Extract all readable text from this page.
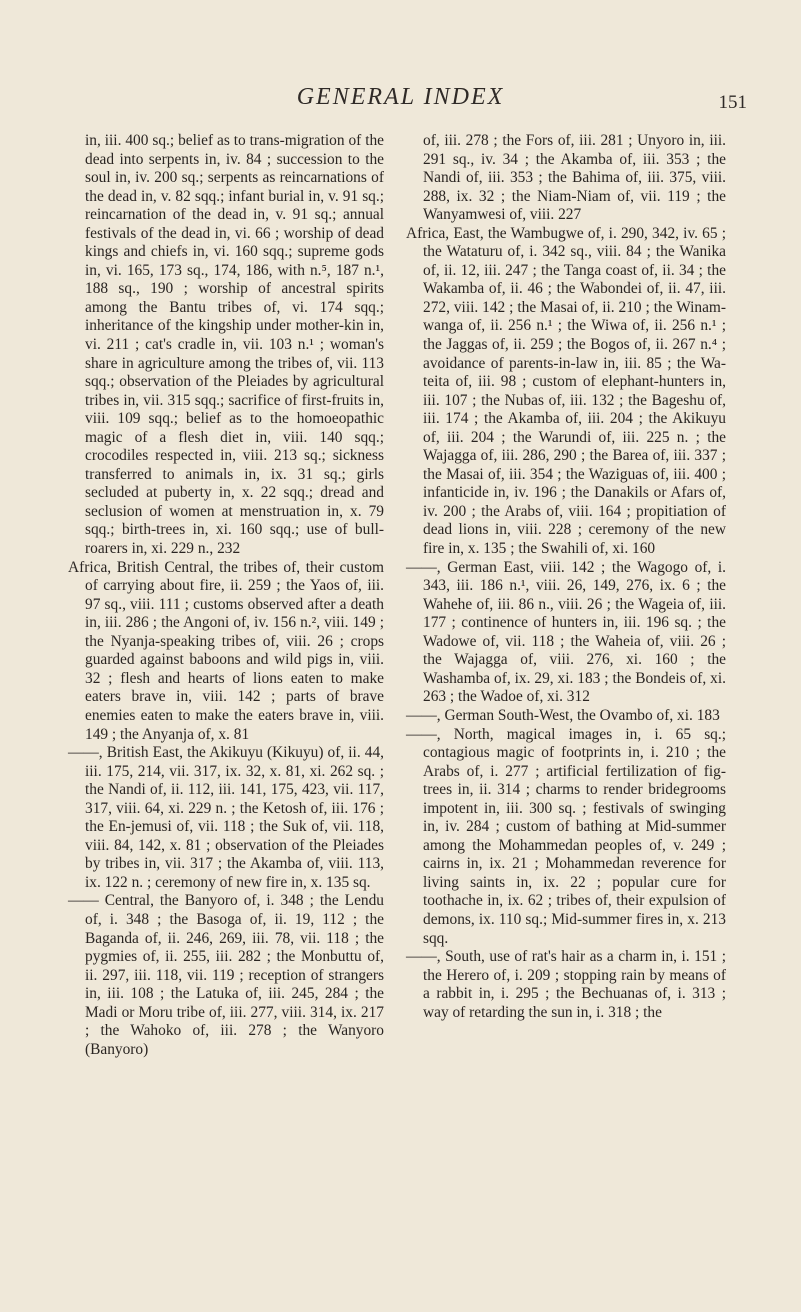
GENERAL INDEX	151

in, iii. 400 sq.; belief as to trans-migration of the dead into serpents in, iv. 84 ; succession to the soul in, iv. 200 sq.; serpents as reincarnations of the dead in, v. 82 sqq.; infant burial in, v. 91 sq.; reincarnation of the dead in, v. 91 sq.; annual festivals of the dead in, vi. 66 ; worship of dead kings and chiefs in, vi. 160 sqq.; supreme gods in, vi. 165, 173 sq., 174, 186, with n.⁵, 187 n.¹, 188 sq., 190 ; worship of ancestral spirits among the Bantu tribes of, vi. 174 sqq.; inheritance of the kingship under mother-kin in, vi. 211 ; cat's cradle in, vii. 103 n.¹ ; woman's share in agriculture among the tribes of, vii. 113 sqq.; observation of the Pleiades by agricultural tribes in, vii. 315 sqq.; sacrifice of first-fruits in, viii. 109 sqq.; belief as to the homoeopathic magic of a flesh diet in, viii. 140 sqq.; crocodiles respected in, viii. 213 sq.; sickness transferred to animals in, ix. 31 sq.; girls secluded at puberty in, x. 22 sqq.; dread and seclusion of women at menstruation in, x. 79 sqq.; birth-trees in, xi. 160 sqq.; use of bull-roarers in, xi. 229 n., 232

Africa, British Central, the tribes of, their custom of carrying about fire, ii. 259 ; the Yaos of, iii. 97 sq., viii. 111 ; customs observed after a death in, iii. 286 ; the Angoni of, iv. 156 n.², viii. 149 ; the Nyanja-speaking tribes of, viii. 26 ; crops guarded against baboons and wild pigs in, viii. 32 ; flesh and hearts of lions eaten to make eaters brave in, viii. 142 ; parts of brave enemies eaten to make the eaters brave in, viii. 149 ; the Anyanja of, x. 81

——, British East, the Akikuyu (Kikuyu) of, ii. 44, iii. 175, 214, vii. 317, ix. 32, x. 81, xi. 262 sq. ; the Nandi of, ii. 112, iii. 141, 175, 423, vii. 117, 317, viii. 64, xi. 229 n. ; the Ketosh of, iii. 176 ; the En-jemusi of, vii. 118 ; the Suk of, vii. 118, viii. 84, 142, x. 81 ; observation of the Pleiades by tribes in, vii. 317 ; the Akamba of, viii. 113, ix. 122 n. ; ceremony of new fire in, x. 135 sq.

—— Central, the Banyoro of, i. 348 ; the Lendu of, i. 348 ; the Basoga of, ii. 19, 112 ; the Baganda of, ii. 246, 269, iii. 78, vii. 118 ; the pygmies of, ii. 255, iii. 282 ; the Monbuttu of, ii. 297, iii. 118, vii. 119 ; reception of strangers in, iii. 108 ; the Latuka of, iii. 245, 284 ; the Madi or Moru tribe of, iii. 277, viii. 314, ix. 217 ; the Wahoko of, iii. 278 ; the Wanyoro (Banyoro)

of, iii. 278 ; the Fors of, iii. 281 ; Unyoro in, iii. 291 sq., iv. 34 ; the Akamba of, iii. 353 ; the Nandi of, iii. 353 ; the Bahima of, iii. 375, viii. 288, ix. 32 ; the Niam-Niam of, vii. 119 ; the Wanyamwesi of, viii. 227

Africa, East, the Wambugwe of, i. 290, 342, iv. 65 ; the Wataturu of, i. 342 sq., viii. 84 ; the Wanika of, ii. 12, iii. 247 ; the Tanga coast of, ii. 34 ; the Wakamba of, ii. 46 ; the Wabondei of, ii. 47, iii. 272, viii. 142 ; the Masai of, ii. 210 ; the Winam-wanga of, ii. 256 n.¹ ; the Wiwa of, ii. 256 n.¹ ; the Jaggas of, ii. 259 ; the Bogos of, ii. 267 n.⁴ ; avoidance of parents-in-law in, iii. 85 ; the Wa-teita of, iii. 98 ; custom of elephant-hunters in, iii. 107 ; the Nubas of, iii. 132 ; the Bageshu of, iii. 174 ; the Akamba of, iii. 204 ; the Akikuyu of, iii. 204 ; the Warundi of, iii. 225 n. ; the Wajagga of, iii. 286, 290 ; the Barea of, iii. 337 ; the Masai of, iii. 354 ; the Waziguas of, iii. 400 ; infanticide in, iv. 196 ; the Danakils or Afars of, iv. 200 ; the Arabs of, viii. 164 ; propitiation of dead lions in, viii. 228 ; ceremony of the new fire in, x. 135 ; the Swahili of, xi. 160

——, German East, viii. 142 ; the Wagogo of, i. 343, iii. 186 n.¹, viii. 26, 149, 276, ix. 6 ; the Wahehe of, iii. 86 n., viii. 26 ; the Wageia of, iii. 177 ; continence of hunters in, iii. 196 sq. ; the Wadowe of, vii. 118 ; the Waheia of, viii. 26 ; the Wajagga of, viii. 276, xi. 160 ; the Washamba of, ix. 29, xi. 183 ; the Bondeis of, xi. 263 ; the Wadoe of, xi. 312

——, German South-West, the Ovambo of, xi. 183

——, North, magical images in, i. 65 sq.; contagious magic of footprints in, i. 210 ; the Arabs of, i. 277 ; artificial fertilization of fig-trees in, ii. 314 ; charms to render bridegrooms impotent in, iii. 300 sq. ; festivals of swinging in, iv. 284 ; custom of bathing at Mid-summer among the Mohammedan peoples of, v. 249 ; cairns in, ix. 21 ; Mohammedan reverence for living saints in, ix. 22 ; popular cure for toothache in, ix. 62 ; tribes of, their expulsion of demons, ix. 110 sq.; Mid-summer fires in, x. 213 sqq.

——, South, use of rat's hair as a charm in, i. 151 ; the Herero of, i. 209 ; stopping rain by means of a rabbit in, i. 295 ; the Bechuanas of, i. 313 ; way of retarding the sun in, i. 318 ; the
